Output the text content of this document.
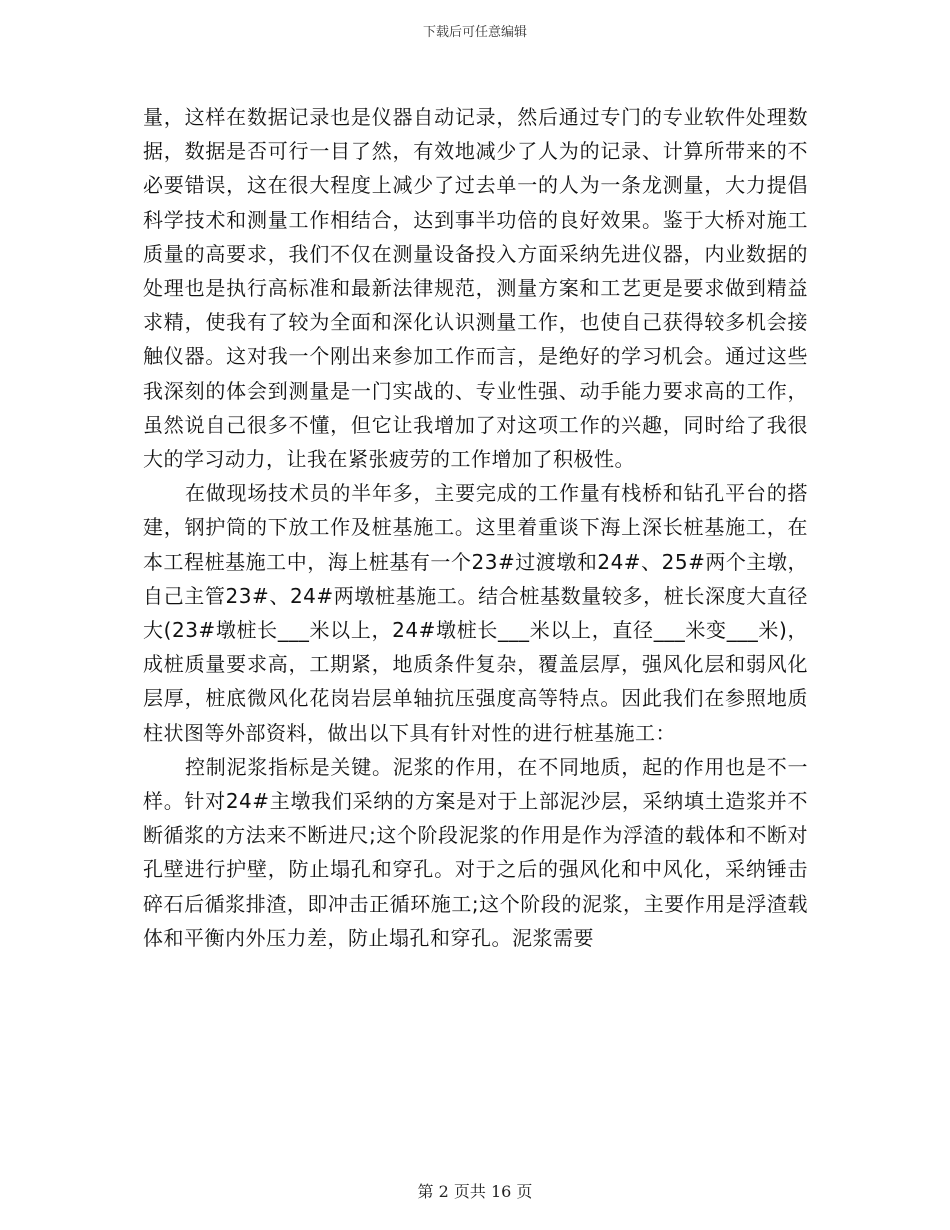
下载后可任意编辑

量，这样在数据记录也是仪器自动记录，然后通过专门的专业软件处理数据，数据是否可行一目了然，有效地减少了人为的记录、计算所带来的不必要错误，这在很大程度上减少了过去单一的人为一条龙测量，大力提倡科学技术和测量工作相结合，达到事半功倍的良好效果。鉴于大桥对施工质量的高要求，我们不仅在测量设备投入方面采纳先进仪器，内业数据的处理也是执行高标准和最新法律规范，测量方案和工艺更是要求做到精益求精，使我有了较为全面和深化认识测量工作，也使自己获得较多机会接触仪器。这对我一个刚出来参加工作而言，是绝好的学习机会。通过这些我深刻的体会到测量是一门实战的、专业性强、动手能力要求高的工作，虽然说自己很多不懂，但它让我增加了对这项工作的兴趣，同时给了我很大的学习动力，让我在紧张疲劳的工作增加了积极性。

在做现场技术员的半年多，主要完成的工作量有栈桥和钻孔平台的搭建，钢护筒的下放工作及桩基施工。这里着重谈下海上深长桩基施工，在本工程桩基施工中，海上桩基有一个23#过渡墩和24#、25#两个主墩，自己主管23#、24#两墩桩基施工。结合桩基数量较多，桩长深度大直径大(23#墩桩长___米以上，24#墩桩长___米以上，直径___米变___米)，成桩质量要求高，工期紧，地质条件复杂，覆盖层厚，强风化层和弱风化层厚，桩底微风化花岗岩层单轴抗压强度高等特点。因此我们在参照地质柱状图等外部资料，做出以下具有针对性的进行桩基施工：

控制泥浆指标是关键。泥浆的作用，在不同地质，起的作用也是不一样。针对24#主墩我们采纳的方案是对于上部泥沙层，采纳填土造浆并不断循浆的方法来不断进尺;这个阶段泥浆的作用是作为浮渣的载体和不断对孔壁进行护壁，防止塌孔和穿孔。对于之后的强风化和中风化，采纳锤击碎石后循浆排渣，即冲击正循环施工;这个阶段的泥浆，主要作用是浮渣载体和平衡内外压力差，防止塌孔和穿孔。泥浆需要

第 2 页共 16 页
